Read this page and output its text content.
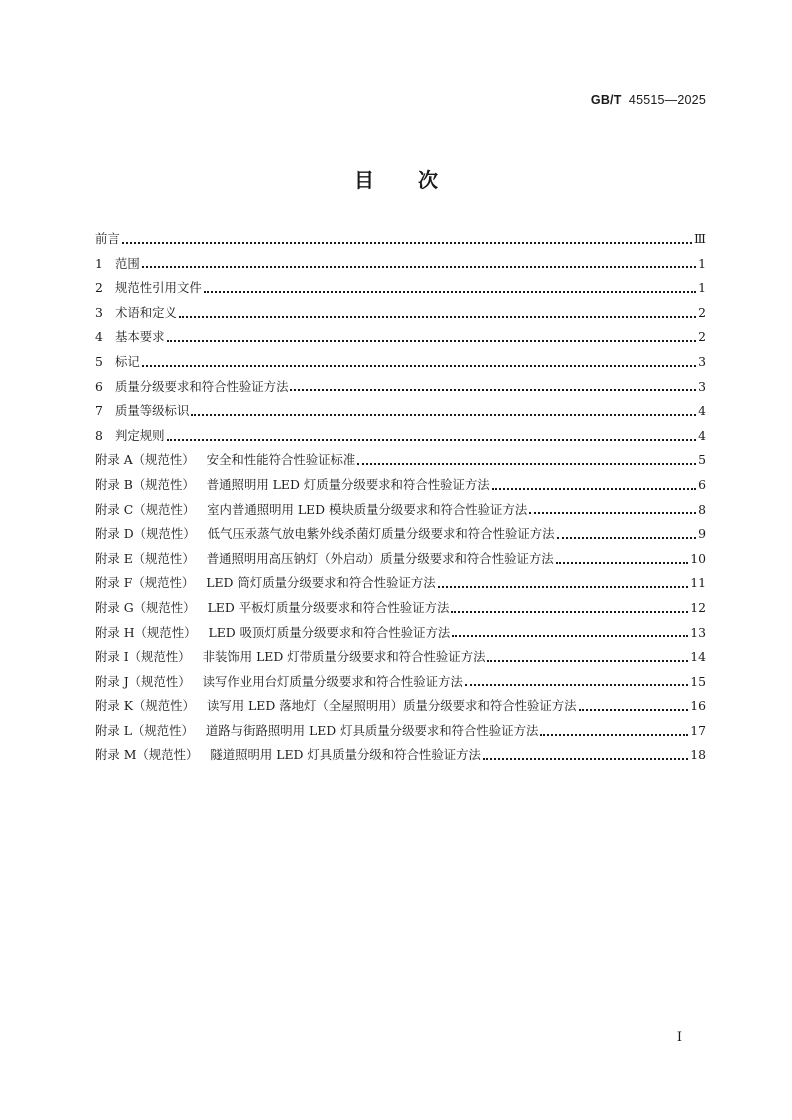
GB/T 45515—2025
目 次
前言	Ⅲ
1 范围	1
2 规范性引用文件	1
3 术语和定义	2
4 基本要求	2
5 标记	3
6 质量分级要求和符合性验证方法	3
7 质量等级标识	4
8 判定规则	4
附录 A（规范性） 安全和性能符合性验证标准	5
附录 B（规范性） 普通照明用 LED 灯质量分级要求和符合性验证方法	6
附录 C（规范性） 室内普通照明用 LED 模块质量分级要求和符合性验证方法	8
附录 D（规范性） 低气压汞蒸气放电紫外线杀菌灯质量分级要求和符合性验证方法	9
附录 E（规范性） 普通照明用高压钠灯（外启动）质量分级要求和符合性验证方法	10
附录 F（规范性） LED 筒灯质量分级要求和符合性验证方法	11
附录 G（规范性） LED 平板灯质量分级要求和符合性验证方法	12
附录 H（规范性） LED 吸顶灯质量分级要求和符合性验证方法	13
附录 I（规范性） 非装饰用 LED 灯带质量分级要求和符合性验证方法	14
附录 J（规范性） 读写作业用台灯质量分级要求和符合性验证方法	15
附录 K（规范性） 读写用 LED 落地灯（全屋照明用）质量分级要求和符合性验证方法	16
附录 L（规范性） 道路与街路照明用 LED 灯具质量分级要求和符合性验证方法	17
附录 M（规范性） 隧道照明用 LED 灯具质量分级和符合性验证方法	18
I
